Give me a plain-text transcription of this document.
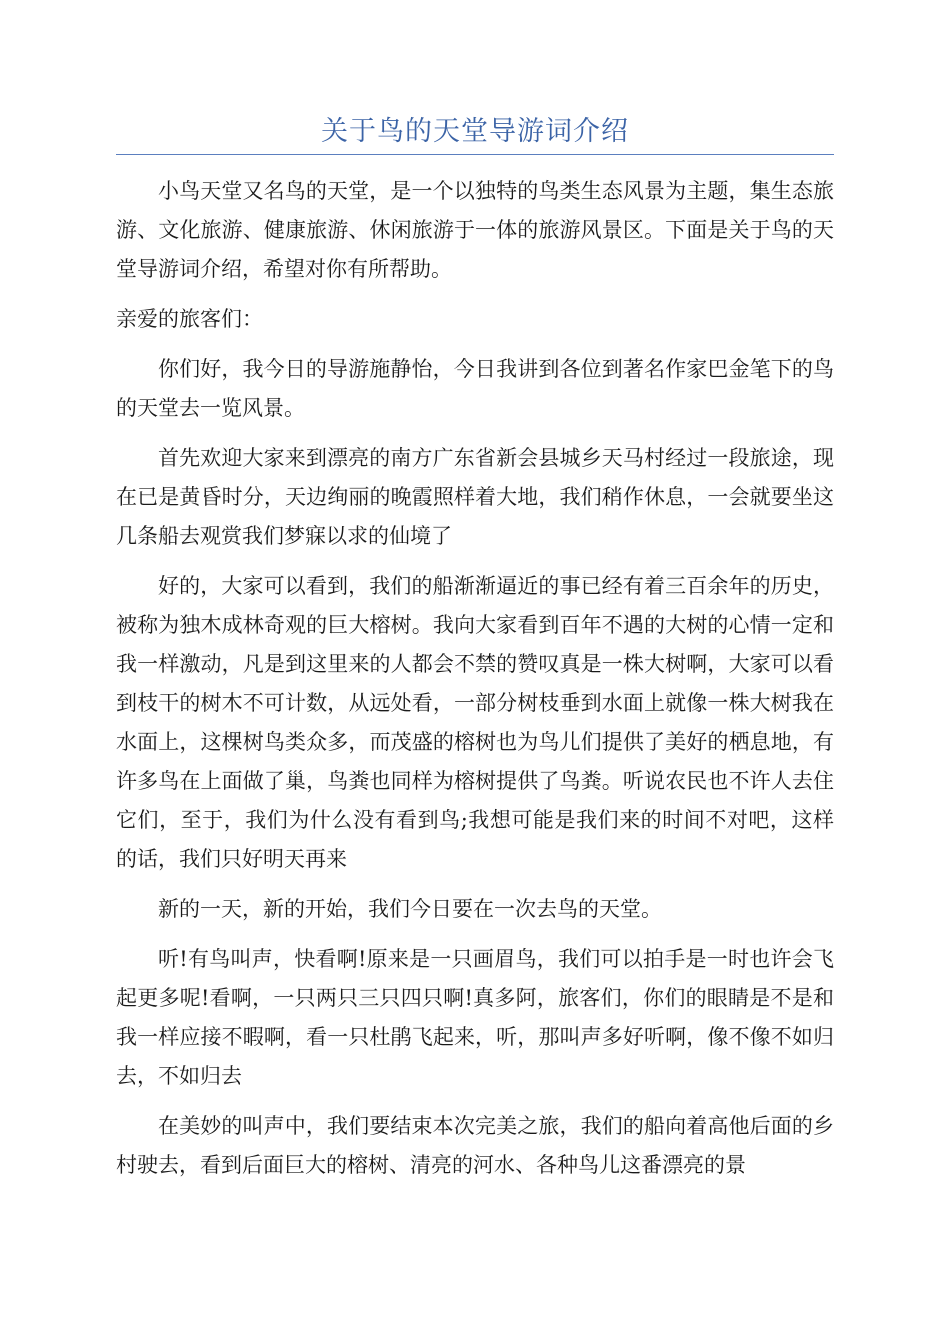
关于鸟的天堂导游词介绍

小鸟天堂又名鸟的天堂，是一个以独特的鸟类生态风景为主题，集生态旅游、文化旅游、健康旅游、休闲旅游于一体的旅游风景区。下面是关于鸟的天堂导游词介绍，希望对你有所帮助。

亲爱的旅客们：

你们好，我今日的导游施静怡，今日我讲到各位到著名作家巴金笔下的鸟的天堂去一览风景。

首先欢迎大家来到漂亮的南方广东省新会县城乡天马村经过一段旅途，现在已是黄昏时分，天边绚丽的晚霞照样着大地，我们稍作休息，一会就要坐这几条船去观赏我们梦寐以求的仙境了

好的，大家可以看到，我们的船渐渐逼近的事已经有着三百余年的历史，被称为独木成林奇观的巨大榕树。我向大家看到百年不遇的大树的心情一定和我一样激动，凡是到这里来的人都会不禁的赞叹真是一株大树啊，大家可以看到枝干的树木不可计数，从远处看，一部分树枝垂到水面上就像一株大树我在水面上，这棵树鸟类众多，而茂盛的榕树也为鸟儿们提供了美好的栖息地，有许多鸟在上面做了巢，鸟粪也同样为榕树提供了鸟粪。听说农民也不许人去住它们，至于，我们为什么没有看到鸟;我想可能是我们来的时间不对吧，这样的话，我们只好明天再来

新的一天，新的开始，我们今日要在一次去鸟的天堂。

听!有鸟叫声，快看啊!原来是一只画眉鸟，我们可以拍手是一时也许会飞起更多呢!看啊，一只两只三只四只啊!真多阿，旅客们，你们的眼睛是不是和我一样应接不暇啊，看一只杜鹃飞起来，听，那叫声多好听啊，像不像不如归去，不如归去

在美妙的叫声中，我们要结束本次完美之旅，我们的船向着高他后面的乡村驶去，看到后面巨大的榕树、清亮的河水、各种鸟儿这番漂亮的景
